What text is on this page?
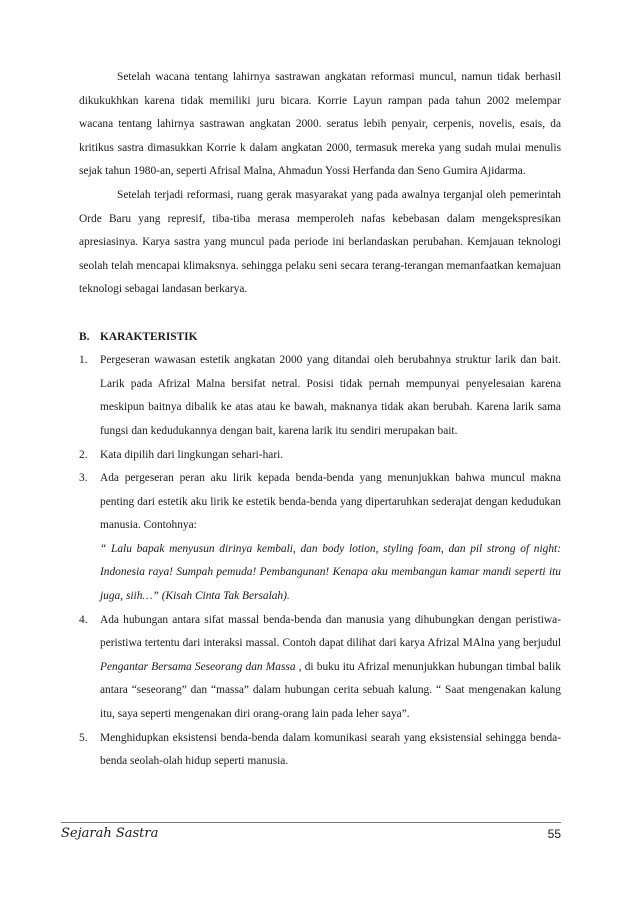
Setelah wacana tentang lahirnya sastrawan angkatan reformasi muncul, namun tidak berhasil dikukukhkan karena tidak memiliki juru bicara. Korrie Layun rampan pada tahun 2002 melempar wacana tentang lahirnya sastrawan angkatan 2000. seratus lebih penyair, cerpenis, novelis, esais, da kritikus sastra dimasukkan Korrie k dalam angkatan 2000, termasuk mereka yang sudah mulai menulis sejak tahun 1980-an, seperti Afrisal Malna, Ahmadun Yossi Herfanda dan Seno Gumira Ajidarma.

Setelah terjadi reformasi, ruang gerak masyarakat yang pada awalnya terganjal oleh pemerintah Orde Baru yang represif, tiba-tiba merasa memperoleh nafas kebebasan dalam mengekspresikan apresiasinya. Karya sastra yang muncul pada periode ini berlandaskan perubahan. Kemjauan teknologi seolah telah mencapai klimaksnya. sehingga pelaku seni secara terang-terangan memanfaatkan kemajuan teknologi sebagai landasan berkarya.

B. KARAKTERISTIK
1.	Pergeseran wawasan estetik angkatan 2000 yang ditandai oleh berubahnya struktur larik dan bait. Larik pada Afrizal Malna bersifat netral. Posisi tidak pernah mempunyai penyelesaian karena meskipun baitnya dibalik ke atas atau ke bawah, maknanya tidak akan berubah. Karena larik sama fungsi dan kedudukannya dengan bait, karena larik itu sendiri merupakan bait.

2.	Kata dipilih dari lingkungan sehari-hari.

3.	Ada pergeseran peran aku lirik kepada benda-benda yang menunjukkan bahwa muncul makna penting dari estetik aku lirik ke estetik benda-benda yang dipertaruhkan sederajat dengan kedudukan manusia. Contohnya:

“ Lalu bapak menyusun dirinya kembali, dan body lotion, styling foam, dan pil strong of night: Indonesia raya! Sumpah pemuda! Pembangunan! Kenapa aku membangun kamar mandi seperti itu juga, siih…” (Kisah Cinta Tak Bersalah).

4.	Ada hubungan antara sifat massal benda-benda dan manusia yang dihubungkan dengan peristiwa-peristiwa tertentu dari interaksi massal. Contoh dapat dilihat dari karya Afrizal MAlna yang berjudul Pengantar Bersama Seseorang dan Massa , di buku itu Afrizal menunjukkan hubungan timbal balik antara “seseorang” dan “massa” dalam hubungan cerita sebuah kalung. “ Saat mengenakan kalung itu, saya seperti mengenakan diri orang-orang lain pada leher saya”.

5.	Menghidupkan eksistensi benda-benda dalam komunikasi searah yang eksistensial sehingga benda-benda seolah-olah hidup seperti manusia.

Sejarah Sastra	55
